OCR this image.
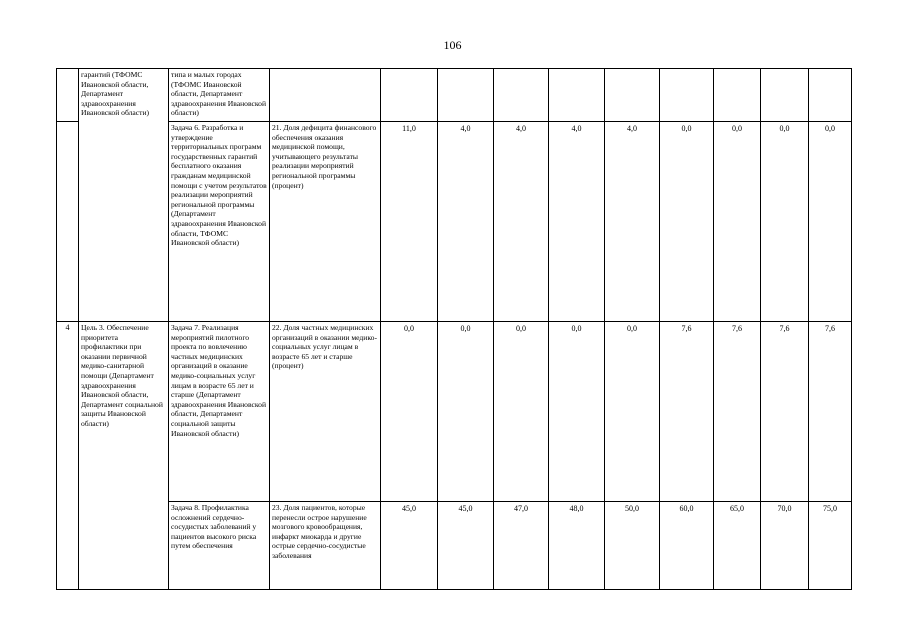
106
	гарантий (ТФОМС Ивановской области, Департамент здравоохранения Ивановской области)	типа и малых городах (ТФОМС Ивановской области, Департамент здравоохранения Ивановской области)										
		Задача 6. Разработка и утверждение территориальных программ государственных гарантий бесплатного оказания гражданам медицинской помощи с учетом результатов реализации мероприятий региональной программы (Департамент здравоохранения Ивановской области, ТФОМС Ивановской области)	21. Доля дефицита финансового обеспечения оказания медицинской помощи, учитывающего результаты реализации мероприятий региональной программы (процент)	11,0	4,0	4,0	4,0	4,0	0,0	0,0	0,0	0,0
4	Цель 3. Обеспечение приоритета профилактики при оказании первичной медико-санитарной помощи (Департамент здравоохранения Ивановской области, Департамент социальной защиты Ивановской области)	Задача 7. Реализация мероприятий пилотного проекта по вовлечению частных медицинских организаций в оказание медико-социальных услуг лицам в возрасте 65 лет и старше (Департамент здравоохранения Ивановской области, Департамент социальной защиты Ивановской области)	22. Доля частных медицинских организаций в оказании медико-социальных услуг лицам в возрасте 65 лет и старше (процент)	0,0	0,0	0,0	0,0	0,0	7,6	7,6	7,6	7,6
		Задача 8. Профилактика осложнений сердечно-сосудистых заболеваний у пациентов высокого риска путем обеспечения	23. Доля пациентов, которые перенесли острое нарушение мозгового кровообращения, инфаркт миокарда и другие острые сердечно-сосудистые заболевания	45,0	45,0	47,0	48,0	50,0	60,0	65,0	70,0	75,0
